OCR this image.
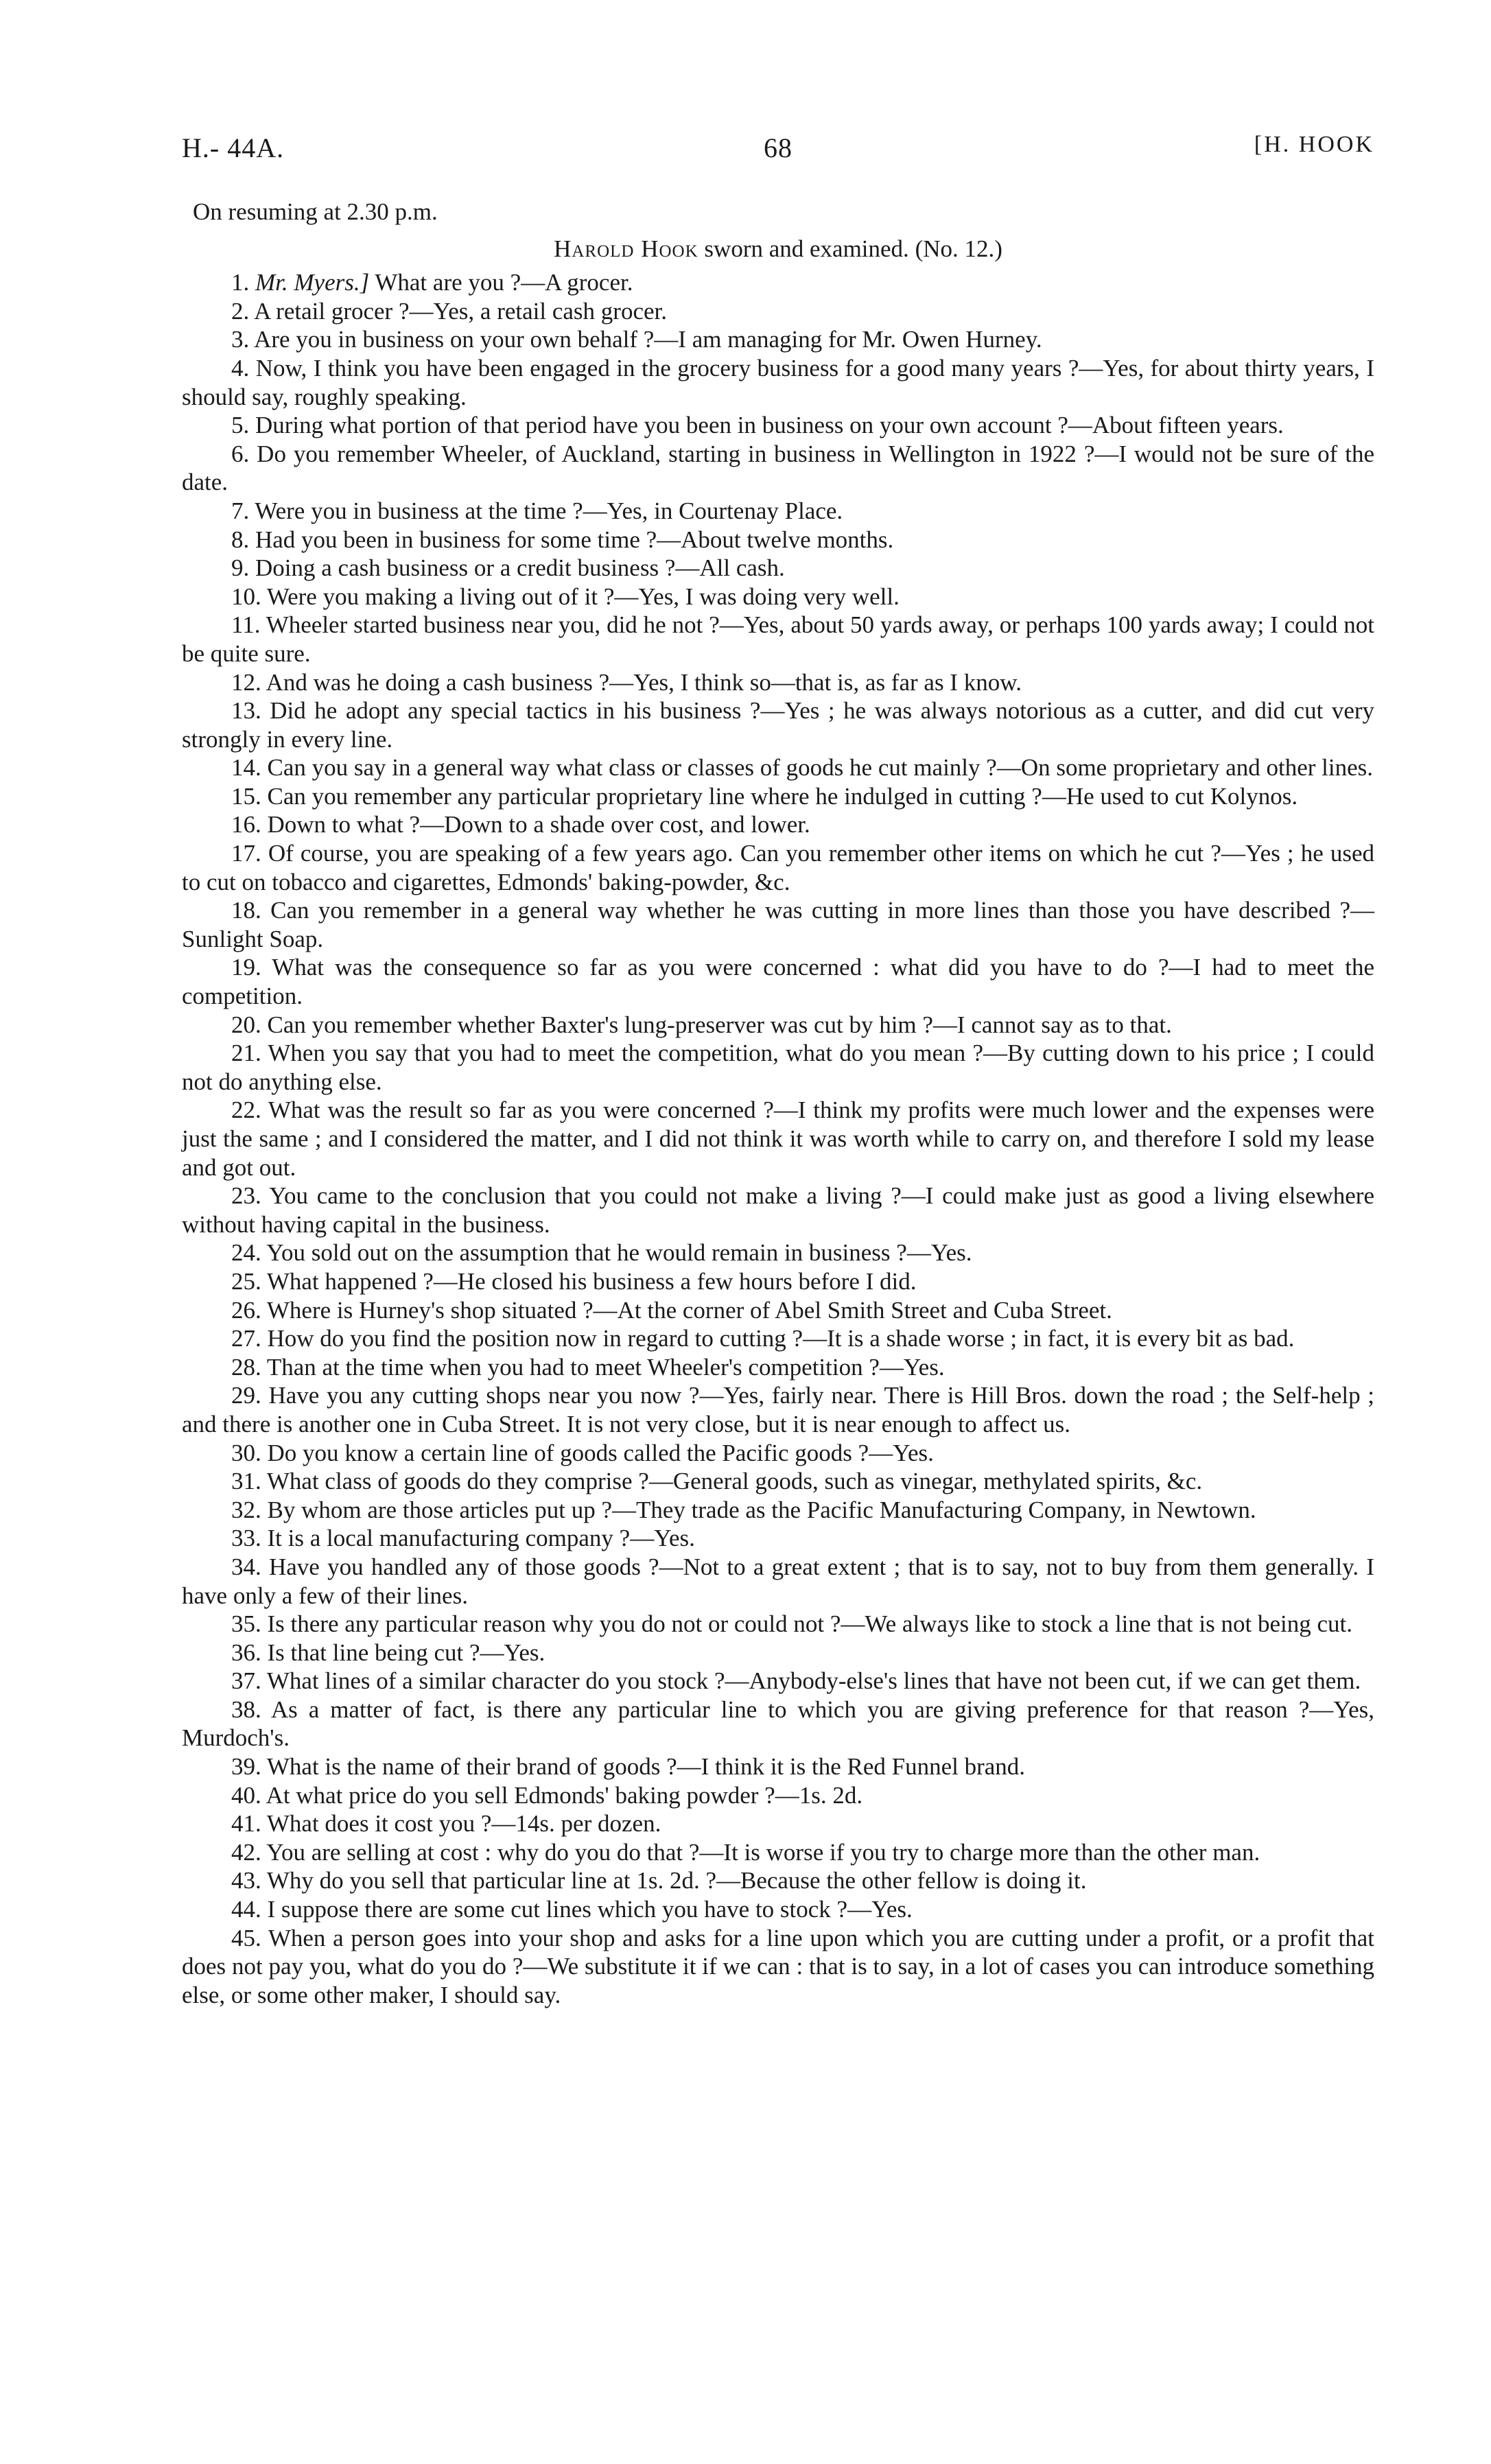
H.- 44A.	68	[H. HOOK

On resuming at 2.30 p.m.

Harold Hook sworn and examined. (No. 12.)

1. Mr. Myers.] What are you ?—A grocer.

2. A retail grocer ?—Yes, a retail cash grocer.

3. Are you in business on your own behalf ?—I am managing for Mr. Owen Hurney.

4. Now, I think you have been engaged in the grocery business for a good many years ?—Yes, for about thirty years, I should say, roughly speaking.

5. During what portion of that period have you been in business on your own account ?—About fifteen years.

6. Do you remember Wheeler, of Auckland, starting in business in Wellington in 1922 ?—I would not be sure of the date.

7. Were you in business at the time ?—Yes, in Courtenay Place.

8. Had you been in business for some time ?—About twelve months.

9. Doing a cash business or a credit business ?—All cash.

10. Were you making a living out of it ?—Yes, I was doing very well.

11. Wheeler started business near you, did he not ?—Yes, about 50 yards away, or perhaps 100 yards away; I could not be quite sure.

12. And was he doing a cash business ?—Yes, I think so—that is, as far as I know.

13. Did he adopt any special tactics in his business ?—Yes ; he was always notorious as a cutter, and did cut very strongly in every line.

14. Can you say in a general way what class or classes of goods he cut mainly ?—On some proprietary and other lines.

15. Can you remember any particular proprietary line where he indulged in cutting ?—He used to cut Kolynos.

16. Down to what ?—Down to a shade over cost, and lower.

17. Of course, you are speaking of a few years ago. Can you remember other items on which he cut ?—Yes ; he used to cut on tobacco and cigarettes, Edmonds' baking-powder, &c.

18. Can you remember in a general way whether he was cutting in more lines than those you have described ?—Sunlight Soap.

19. What was the consequence so far as you were concerned : what did you have to do ?—I had to meet the competition.

20. Can you remember whether Baxter's lung-preserver was cut by him ?—I cannot say as to that.

21. When you say that you had to meet the competition, what do you mean ?—By cutting down to his price ; I could not do anything else.

22. What was the result so far as you were concerned ?—I think my profits were much lower and the expenses were just the same ; and I considered the matter, and I did not think it was worth while to carry on, and therefore I sold my lease and got out.

23. You came to the conclusion that you could not make a living ?—I could make just as good a living elsewhere without having capital in the business.

24. You sold out on the assumption that he would remain in business ?—Yes.

25. What happened ?—He closed his business a few hours before I did.

26. Where is Hurney's shop situated ?—At the corner of Abel Smith Street and Cuba Street.

27. How do you find the position now in regard to cutting ?—It is a shade worse ; in fact, it is every bit as bad.

28. Than at the time when you had to meet Wheeler's competition ?—Yes.

29. Have you any cutting shops near you now ?—Yes, fairly near. There is Hill Bros. down the road ; the Self-help ; and there is another one in Cuba Street. It is not very close, but it is near enough to affect us.

30. Do you know a certain line of goods called the Pacific goods ?—Yes.

31. What class of goods do they comprise ?—General goods, such as vinegar, methylated spirits, &c.

32. By whom are those articles put up ?—They trade as the Pacific Manufacturing Company, in Newtown.

33. It is a local manufacturing company ?—Yes.

34. Have you handled any of those goods ?—Not to a great extent ; that is to say, not to buy from them generally. I have only a few of their lines.

35. Is there any particular reason why you do not or could not ?—We always like to stock a line that is not being cut.

36. Is that line being cut ?—Yes.

37. What lines of a similar character do you stock ?—Anybody-else's lines that have not been cut, if we can get them.

38. As a matter of fact, is there any particular line to which you are giving preference for that reason ?—Yes, Murdoch's.

39. What is the name of their brand of goods ?—I think it is the Red Funnel brand.

40. At what price do you sell Edmonds' baking powder ?—1s. 2d.

41. What does it cost you ?—14s. per dozen.

42. You are selling at cost : why do you do that ?—It is worse if you try to charge more than the other man.

43. Why do you sell that particular line at 1s. 2d. ?—Because the other fellow is doing it.

44. I suppose there are some cut lines which you have to stock ?—Yes.

45. When a person goes into your shop and asks for a line upon which you are cutting under a profit, or a profit that does not pay you, what do you do ?—We substitute it if we can : that is to say, in a lot of cases you can introduce something else, or some other maker, I should say.
